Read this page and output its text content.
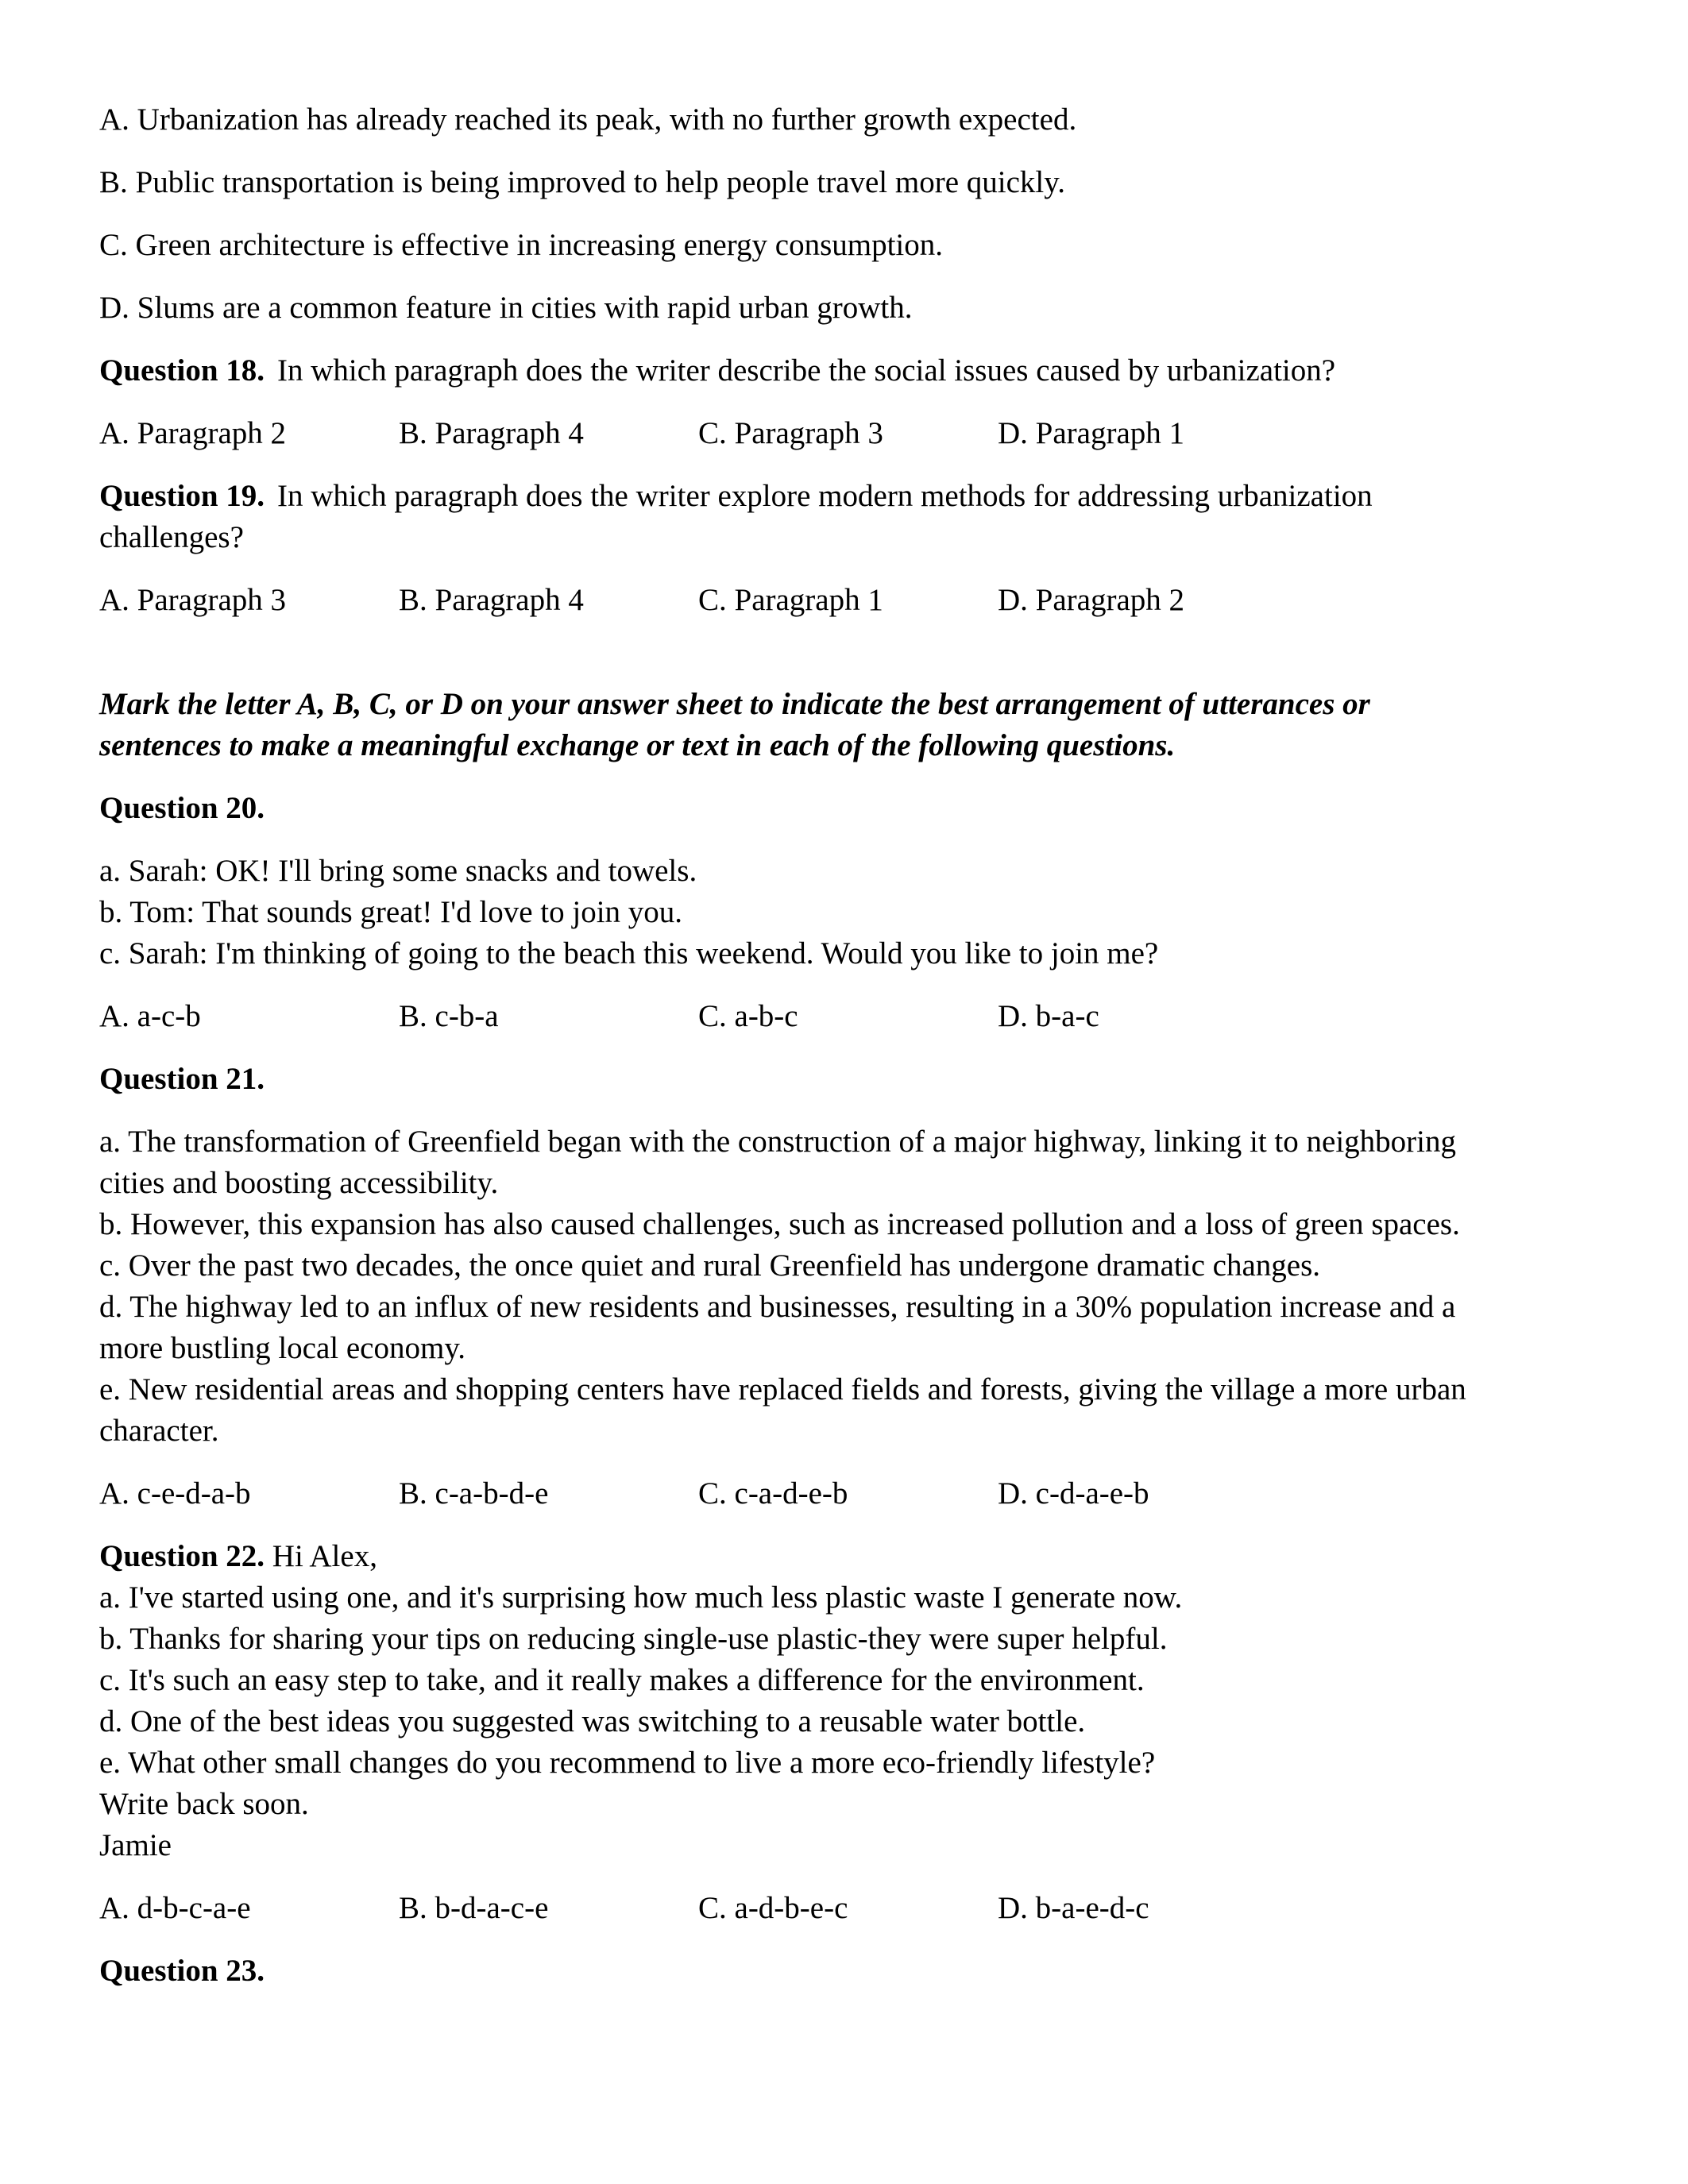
A. Urbanization has already reached its peak, with no further growth expected.

B. Public transportation is being improved to help people travel more quickly.

C. Green architecture is effective in increasing energy consumption.

D. Slums are a common feature in cities with rapid urban growth.

Question 18. In which paragraph does the writer describe the social issues caused by urbanization?

A. Paragraph 2	B. Paragraph 4	C. Paragraph 3	D. Paragraph 1

Question 19. In which paragraph does the writer explore modern methods for addressing urbanization

challenges?

A. Paragraph 3	B. Paragraph 4	C. Paragraph 1	D. Paragraph 2

Mark the letter A, B, C, or D on your answer sheet to indicate the best arrangement of utterances or

sentences to make a meaningful exchange or text in each of the following questions.

Question 20.

a. Sarah: OK! I'll bring some snacks and towels.

b. Tom: That sounds great! I'd love to join you.

c. Sarah: I'm thinking of going to the beach this weekend. Would you like to join me?

A. a-c-b	B. c-b-a	C. a-b-c	D. b-a-c

Question 21.

a. The transformation of Greenfield began with the construction of a major highway, linking it to neighboring

cities and boosting accessibility.

b. However, this expansion has also caused challenges, such as increased pollution and a loss of green spaces.

c. Over the past two decades, the once quiet and rural Greenfield has undergone dramatic changes.

d. The highway led to an influx of new residents and businesses, resulting in a 30% population increase and a

more bustling local economy.

e. New residential areas and shopping centers have replaced fields and forests, giving the village a more urban

character.

A. c-e-d-a-b	B. c-a-b-d-e	C. c-a-d-e-b	D. c-d-a-e-b

Question 22. Hi Alex,

a. I've started using one, and it's surprising how much less plastic waste I generate now.

b. Thanks for sharing your tips on reducing single-use plastic-they were super helpful.

c. It's such an easy step to take, and it really makes a difference for the environment.

d. One of the best ideas you suggested was switching to a reusable water bottle.

e. What other small changes do you recommend to live a more eco-friendly lifestyle?

Write back soon.

Jamie

A. d-b-c-a-e	B. b-d-a-c-e	C. a-d-b-e-c	D. b-a-e-d-c

Question 23.
